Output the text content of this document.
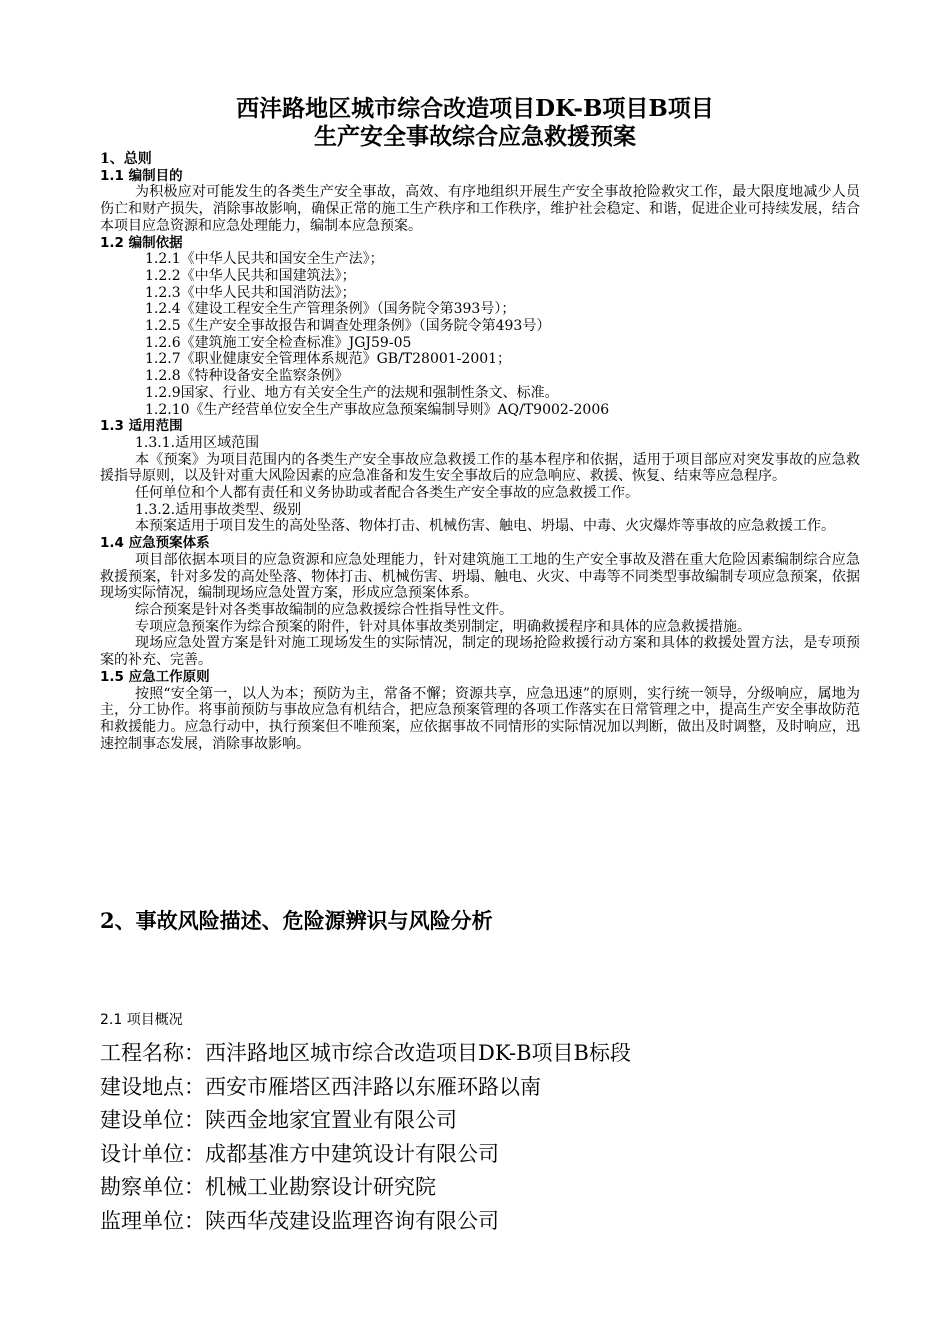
西沣路地区城市综合改造项目DK-B项目B项目
生产安全事故综合应急救援预案

1、总则

1.1 编制目的

为积极应对可能发生的各类生产安全事故，高效、有序地组织开展生产安全事故抢险救灾工作，最大限度地减少人员伤亡和财产损失，消除事故影响，确保正常的施工生产秩序和工作秩序，维护社会稳定、和谐，促进企业可持续发展，结合本项目应急资源和应急处理能力，编制本应急预案。

1.2 编制依据

1.2.1《中华人民共和国安全生产法》；

1.2.2《中华人民共和国建筑法》；

1.2.3《中华人民共和国消防法》；

1.2.4《建设工程安全生产管理条例》（国务院令第393号）；

1.2.5《生产安全事故报告和调查处理条例》（国务院令第493号）

1.2.6《建筑施工安全检查标准》JGJ59-05

1.2.7《职业健康安全管理体系规范》GB/T28001-2001；

1.2.8《特种设备安全监察条例》

1.2.9国家、行业、地方有关安全生产的法规和强制性条文、标准。

1.2.10《生产经营单位安全生产事故应急预案编制导则》AQ/T9002-2006

1.3 适用范围

1.3.1.适用区域范围

本《预案》为项目范围内的各类生产安全事故应急救援工作的基本程序和依据，适用于项目部应对突发事故的应急救援指导原则，以及针对重大风险因素的应急准备和发生安全事故后的应急响应、救援、恢复、结束等应急程序。

任何单位和个人都有责任和义务协助或者配合各类生产安全事故的应急救援工作。

1.3.2.适用事故类型、级别

本预案适用于项目发生的高处坠落、物体打击、机械伤害、触电、坍塌、中毒、火灾爆炸等事故的应急救援工作。

1.4 应急预案体系

项目部依据本项目的应急资源和应急处理能力，针对建筑施工工地的生产安全事故及潜在重大危险因素编制综合应急救援预案，针对多发的高处坠落、物体打击、机械伤害、坍塌、触电、火灾、中毒等不同类型事故编制专项应急预案，依据现场实际情况，编制现场应急处置方案，形成应急预案体系。

综合预案是针对各类事故编制的应急救援综合性指导性文件。

专项应急预案作为综合预案的附件，针对具体事故类别制定，明确救援程序和具体的应急救援措施。

现场应急处置方案是针对施工现场发生的实际情况，制定的现场抢险救援行动方案和具体的救援处置方法，是专项预案的补充、完善。

1.5 应急工作原则

按照“安全第一，以人为本；预防为主，常备不懈；资源共享，应急迅速”的原则，实行统一领导，分级响应，属地为主，分工协作。将事前预防与事故应急有机结合，把应急预案管理的各项工作落实在日常管理之中，提高生产安全事故防范和救援能力。应急行动中，执行预案但不唯预案，应依据事故不同情形的实际情况加以判断，做出及时调整，及时响应，迅速控制事态发展，消除事故影响。

2、事故风险描述、危险源辨识与风险分析
2.1 项目概况
工程名称：西沣路地区城市综合改造项目DK-B项目B标段
建设地点：西安市雁塔区西沣路以东雁环路以南
建设单位：陕西金地家宜置业有限公司
设计单位：成都基准方中建筑设计有限公司
勘察单位：机械工业勘察设计研究院
监理单位：陕西华茂建设监理咨询有限公司
